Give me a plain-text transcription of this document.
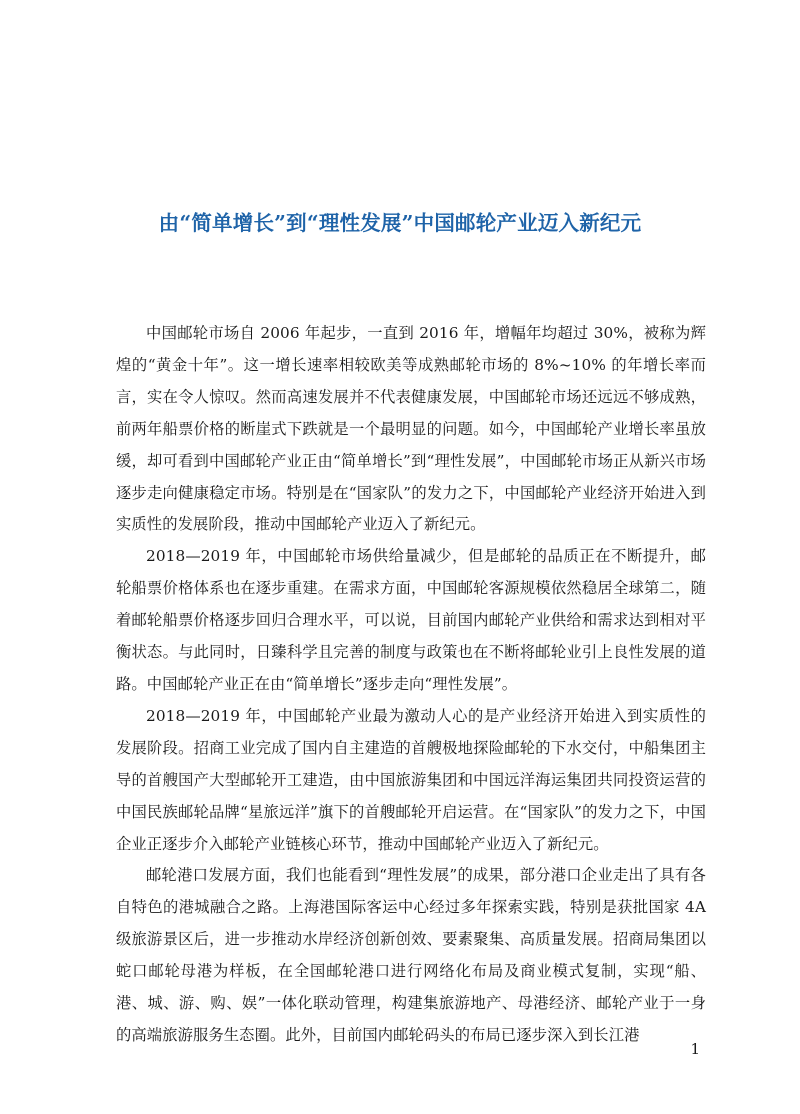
由“简单增长”到“理性发展”中国邮轮产业迈入新纪元

中国邮轮市场自 2006 年起步，一直到 2016 年，增幅年均超过 30%，被称为辉煌的“黄金十年”。这一增长速率相较欧美等成熟邮轮市场的 8%~10% 的年增长率而言，实在令人惊叹。然而高速发展并不代表健康发展，中国邮轮市场还远远不够成熟，前两年船票价格的断崖式下跌就是一个最明显的问题。如今，中国邮轮产业增长率虽放缓，却可看到中国邮轮产业正由“简单增长”到“理性发展”，中国邮轮市场正从新兴市场逐步走向健康稳定市场。特别是在“国家队”的发力之下，中国邮轮产业经济开始进入到实质性的发展阶段，推动中国邮轮产业迈入了新纪元。

2018—2019 年，中国邮轮市场供给量减少，但是邮轮的品质正在不断提升，邮轮船票价格体系也在逐步重建。在需求方面，中国邮轮客源规模依然稳居全球第二，随着邮轮船票价格逐步回归合理水平，可以说，目前国内邮轮产业供给和需求达到相对平衡状态。与此同时，日臻科学且完善的制度与政策也在不断将邮轮业引上良性发展的道路。中国邮轮产业正在由“简单增长”逐步走向“理性发展”。

2018—2019 年，中国邮轮产业最为激动人心的是产业经济开始进入到实质性的发展阶段。招商工业完成了国内自主建造的首艘极地探险邮轮的下水交付，中船集团主导的首艘国产大型邮轮开工建造，由中国旅游集团和中国远洋海运集团共同投资运营的中国民族邮轮品牌“星旅远洋”旗下的首艘邮轮开启运营。在“国家队”的发力之下，中国企业正逐步介入邮轮产业链核心环节，推动中国邮轮产业迈入了新纪元。

邮轮港口发展方面，我们也能看到“理性发展”的成果，部分港口企业走出了具有各自特色的港城融合之路。上海港国际客运中心经过多年探索实践，特别是获批国家 4A 级旅游景区后，进一步推动水岸经济创新创效、要素聚集、高质量发展。招商局集团以蛇口邮轮母港为样板，在全国邮轮港口进行网络化布局及商业模式复制，实现“船、港、城、游、购、娱”一体化联动管理，构建集旅游地产、母港经济、邮轮产业于一身的高端旅游服务生态圈。此外，目前国内邮轮码头的布局已逐步深入到长江港

1
